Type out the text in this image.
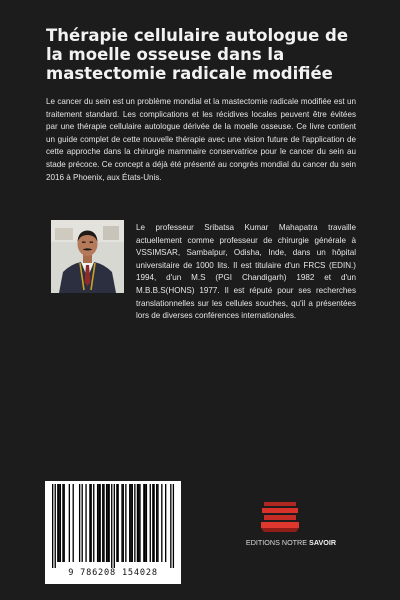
Thérapie cellulaire autologue de
la moelle osseuse dans la
mastectomie radicale modifiée

Le cancer du sein est un problème mondial et la mastectomie radicale modifiée est un traitement standard. Les complications et les récidives locales peuvent être évitées par une thérapie cellulaire autologue dérivée de la moelle osseuse. Ce livre contient un guide complet de cette nouvelle thérapie avec une vision future de l'application de cette approche dans la chirurgie mammaire conservatrice pour le cancer du sein au stade précoce. Ce concept a déjà été présenté au congrès mondial du cancer du sein 2016 à Phoenix, aux États-Unis.

Le professeur Sribatsa Kumar Mahapatra travaille actuellement comme professeur de chirurgie générale à VSSIMSAR, Sambalpur, Odisha, Inde, dans un hôpital universitaire de 1000 lits. Il est titulaire d'un FRCS (EDIN.) 1994, d'un M.S (PGI Chandigarh) 1982 et d'un M.B.B.S(HONS) 1977. Il est réputé pour ses recherches translationnelles sur les cellules souches, qu'il a présentées lors de diverses conférences internationales.

9 786208 154028
EDITIONS NOTRE SAVOIR
